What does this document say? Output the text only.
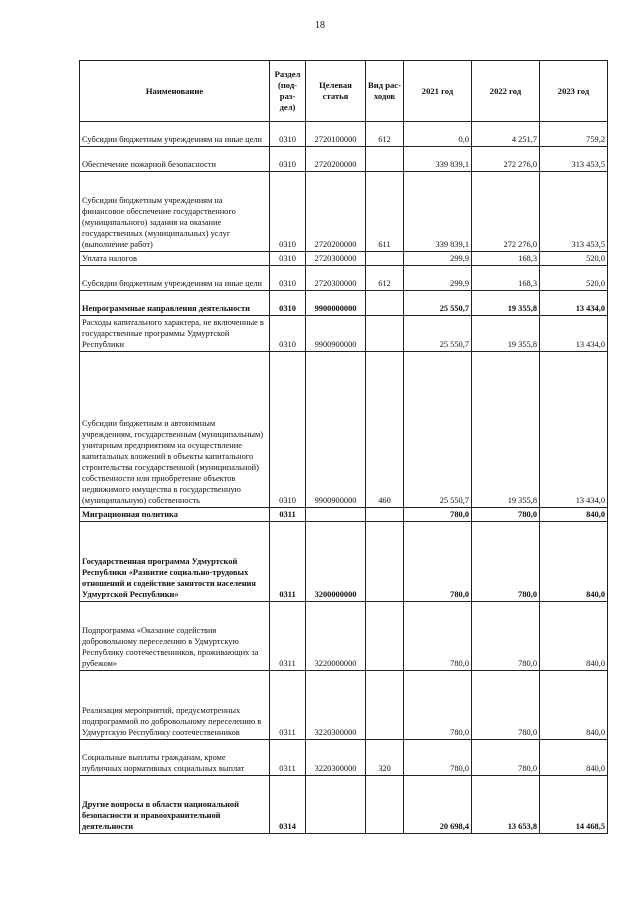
18
Наименование	Раздел (под- раз- дел)	Целевая статья	Вид рас- ходов	2021 год	2022 год	2023 год
Субсидии бюджетным учреждениям на иные цели	0310	2720100000	612	0,0	4 251,7	759,2
Обеспечение пожарной безопасности	0310	2720200000		339 839,1	272 276,0	313 453,5
Субсидии бюджетным учреждениям на финансовое обеспечение государственного (муниципального) задания на оказание государственных (муниципальных) услуг (выполнение работ)	0310	2720200000	611	339 839,1	272 276,0	313 453,5
Уплата налогов	0310	2720300000		299,9	168,3	520,0
Субсидии бюджетным учреждениям на иные цели	0310	2720300000	612	299,9	168,3	520,0
Непрограммные направления деятельности	0310	9900000000		25 550,7	19 355,8	13 434,0
Расходы капитального характера, не включенные в государственные программы Удмуртской Республики	0310	9900900000		25 550,7	19 355,8	13 434,0
Субсидии бюджетным и автономным учреждениям, государственным (муниципальным) унитарным предприятиям на осуществление капитальных вложений в объекты капитального строительства государственной (муниципальной) собственности или приобретение объектов недвижимого имущества в государственную (муниципальную) собственность	0310	9900900000	460	25 550,7	19 355,8	13 434,0
Миграционная политика	0311			780,0	780,0	840,0
Государственная программа Удмуртской Республики «Развитие социально-трудовых отношений и содействие занятости населения Удмуртской Республики»	0311	3200000000		780,0	780,0	840,0
Подпрограмма «Оказание содействия добровольному переселению в Удмуртскую Республику соотечественников, проживающих за рубежом»	0311	3220000000		780,0	780,0	840,0
Реализация мероприятий, предусмотренных подпрограммой по добровольному переселению в Удмуртскую Республику соотечественников	0311	3220300000		780,0	780,0	840,0
Социальные выплаты гражданам, кроме публичных нормативных социальных выплат	0311	3220300000	320	780,0	780,0	840,0
Другие вопросы в области национальной безопасности и правоохранительной деятельности	0314			20 698,4	13 653,8	14 468,5
